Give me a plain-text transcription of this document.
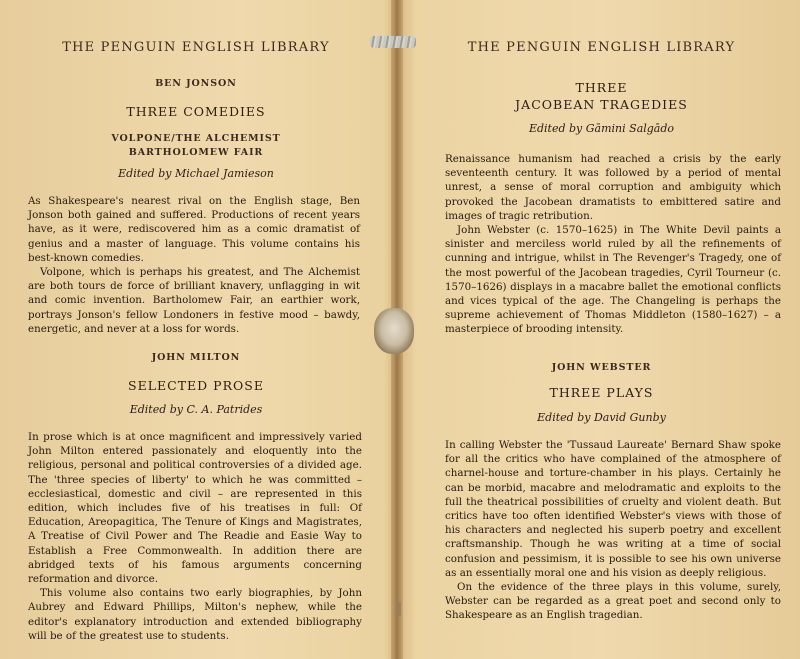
THE PENGUIN ENGLISH LIBRARY
BEN JONSON
THREE COMEDIES
VOLPONE/THE ALCHEMIST
BARTHOLOMEW FAIR
Edited by Michael Jamieson

As Shakespeare's nearest rival on the English stage, Ben Jonson both gained and suffered. Productions of recent years have, as it were, rediscovered him as a comic dramatist of genius and a master of language. This volume contains his best-known comedies.

Volpone, which is perhaps his greatest, and The Alchemist are both tours de force of brilliant knavery, unflagging in wit and comic invention. Bartholomew Fair, an earthier work, portrays Jonson's fellow Londoners in festive mood – bawdy, energetic, and never at a loss for words.

JOHN MILTON
SELECTED PROSE
Edited by C. A. Patrides

In prose which is at once magnificent and impressively varied John Milton entered passionately and eloquently into the religious, personal and political controversies of a divided age. The 'three species of liberty' to which he was committed – ecclesiastical, domestic and civil – are represented in this edition, which includes five of his treatises in full: Of Education, Areopagitica, The Tenure of Kings and Magistrates, A Treatise of Civil Power and The Readie and Easie Way to Establish a Free Commonwealth. In addition there are abridged texts of his famous arguments concerning reformation and divorce.

This volume also contains two early biographies, by John Aubrey and Edward Phillips, Milton's nephew, while the editor's explanatory introduction and extended bibliography will be of the greatest use to students.

THE PENGUIN ENGLISH LIBRARY
THREE
JACOBEAN TRAGEDIES
Edited by Gāmini Salgādo

Renaissance humanism had reached a crisis by the early seventeenth century. It was followed by a period of mental unrest, a sense of moral corruption and ambiguity which provoked the Jacobean dramatists to embittered satire and images of tragic retribution.

John Webster (c. 1570–1625) in The White Devil paints a sinister and merciless world ruled by all the refinements of cunning and intrigue, whilst in The Revenger's Tragedy, one of the most powerful of the Jacobean tragedies, Cyril Tourneur (c. 1570–1626) displays in a macabre ballet the emotional conflicts and vices typical of the age. The Changeling is perhaps the supreme achievement of Thomas Middleton (1580–1627) – a masterpiece of brooding intensity.

JOHN WEBSTER
THREE PLAYS
Edited by David Gunby

In calling Webster the 'Tussaud Laureate' Bernard Shaw spoke for all the critics who have complained of the atmosphere of charnel-house and torture-chamber in his plays. Certainly he can be morbid, macabre and melodramatic and exploits to the full the theatrical possibilities of cruelty and violent death. But critics have too often identified Webster's views with those of his characters and neglected his superb poetry and excellent craftsmanship. Though he was writing at a time of social confusion and pessimism, it is possible to see his own universe as an essentially moral one and his vision as deeply religious.

On the evidence of the three plays in this volume, surely, Webster can be regarded as a great poet and second only to Shakespeare as an English tragedian.
